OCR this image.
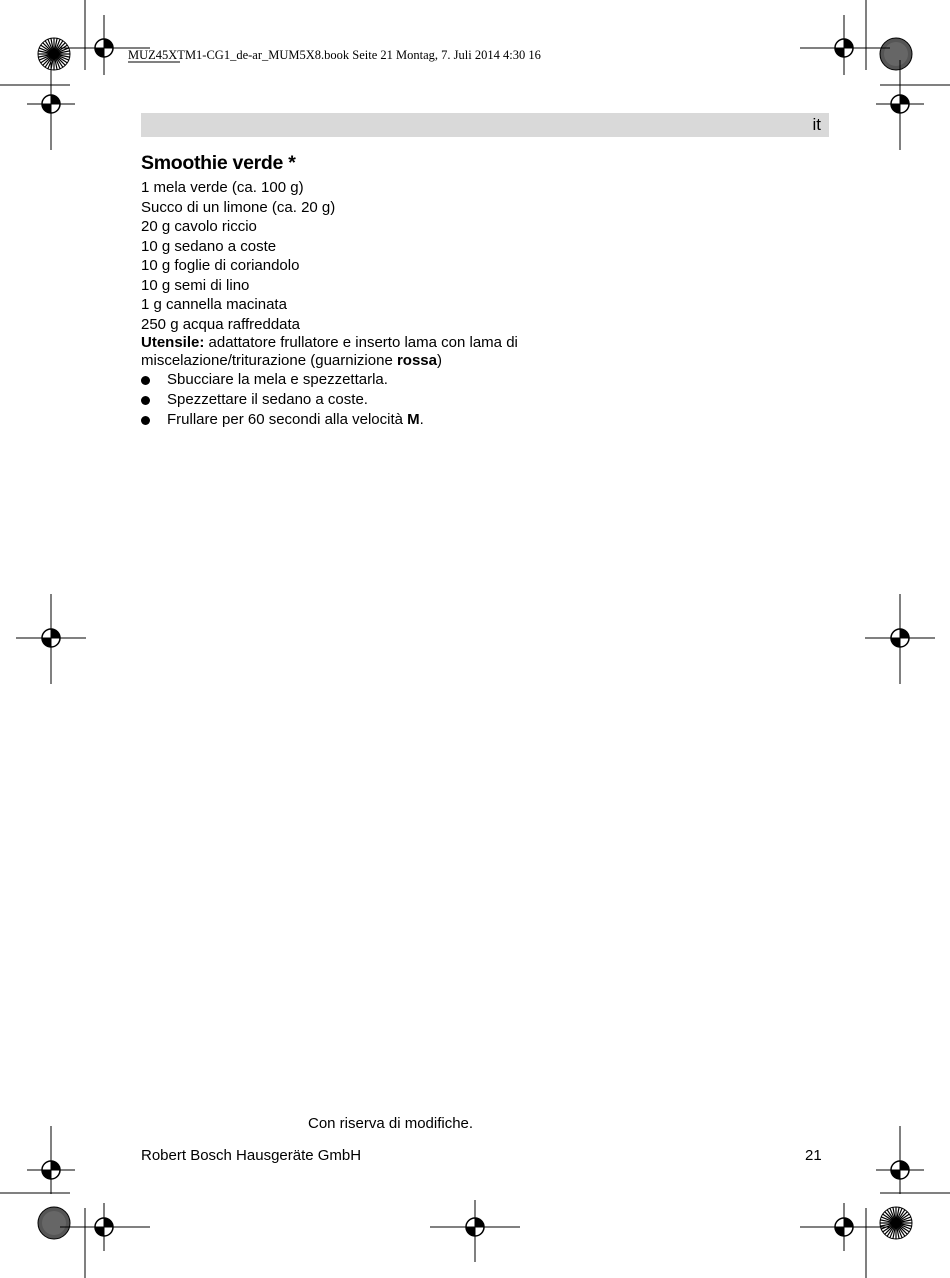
MUZ45XTM1-CG1_de-ar_MUM5X8.book Seite 21 Montag, 7. Juli 2014 4:30 16
it
Smoothie verde *

1 mela verde (ca. 100 g)

Succo di un limone (ca. 20 g)

20 g cavolo riccio

10 g sedano a coste

10 g foglie di coriandolo

10 g semi di lino

1 g cannella macinata

250 g acqua raffreddata

Utensile: adattatore frullatore e inserto lama con lama di miscelazione/triturazione (guarnizione rossa)

Sbucciare la mela e spezzettarla.
Spezzettare il sedano a coste.
Frullare per 60 secondi alla velocità M.
Con riserva di modifiche.
Robert Bosch Hausgeräte GmbH	21
